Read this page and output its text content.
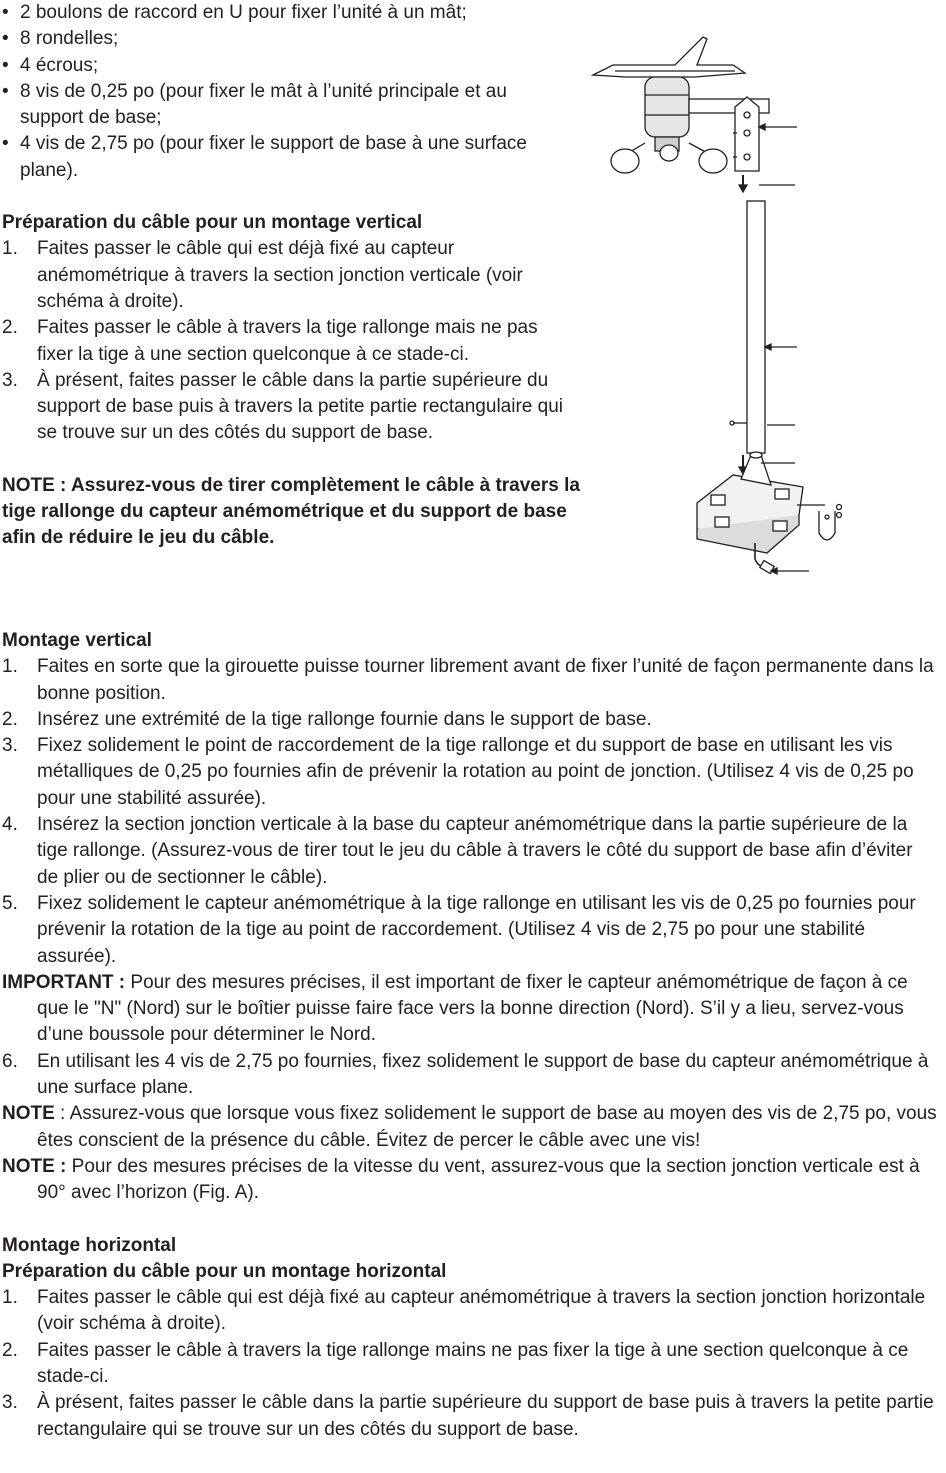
• 2 boulons de raccord en U pour fixer l’unité à un mât;
• 8 rondelles;
• 4 écrous;
• 8 vis de 0,25 po (pour fixer le mât à l’unité principale et au support de base;
• 4 vis de 2,75 po (pour fixer le support de base à une surface plane).
Préparation du câble pour un montage vertical
1. Faites passer le câble qui est déjà fixé au capteur anémométrique à travers la section jonction verticale (voir schéma à droite).
2. Faites passer le câble à travers la tige rallonge mais ne pas fixer la tige à une section quelconque à ce stade-ci.
3. À présent, faites passer le câble dans la partie supérieure du support de base puis à travers la petite partie rectangulaire qui se trouve sur un des côtés du support de base.
NOTE : Assurez-vous de tirer complètement le câble à travers la tige rallonge du capteur anémométrique et du support de base afin de réduire le jeu du câble.
Montage vertical
1. Faites en sorte que la girouette puisse tourner librement avant de fixer l’unité de façon permanente dans la bonne position.
2. Insérez une extrémité de la tige rallonge fournie dans le support de base.
3. Fixez solidement le point de raccordement de la tige rallonge et du support de base en utilisant les vis métalliques de 0,25 po fournies afin de prévenir la rotation au point de jonction. (Utilisez 4 vis de 0,25 po pour une stabilité assurée).
4. Insérez la section jonction verticale à la base du capteur anémométrique dans la partie supérieure de la tige rallonge. (Assurez-vous de tirer tout le jeu du câble à travers le côté du support de base afin d’éviter de plier ou de sectionner le câble).
5. Fixez solidement le capteur anémométrique à la tige rallonge en utilisant les vis de 0,25 po fournies pour prévenir la rotation de la tige au point de raccordement. (Utilisez 4 vis de 2,75 po pour une stabilité assurée).
IMPORTANT : Pour des mesures précises, il est important de fixer le capteur anémométrique de façon à ce que le "N" (Nord) sur le boîtier puisse faire face vers la bonne direction (Nord). S’il y a lieu, servez-vous d’une boussole pour déterminer le Nord.
6. En utilisant les 4 vis de 2,75 po fournies, fixez solidement le support de base du capteur anémométrique à une surface plane.
NOTE : Assurez-vous que lorsque vous fixez solidement le support de base au moyen des vis de 2,75 po, vous êtes conscient de la présence du câble. Évitez de percer le câble avec une vis!
NOTE : Pour des mesures précises de la vitesse du vent, assurez-vous que la section jonction verticale est à 90° avec l’horizon (Fig. A).
Montage horizontal
Préparation du câble pour un montage horizontal
1. Faites passer le câble qui est déjà fixé au capteur anémométrique à travers la section jonction horizontale (voir schéma à droite).
2. Faites passer le câble à travers la tige rallonge mains ne pas fixer la tige à une section quelconque à ce stade-ci.
3. À présent, faites passer le câble dans la partie supérieure du support de base puis à travers la petite partie rectangulaire qui se trouve sur un des côtés du support de base.
